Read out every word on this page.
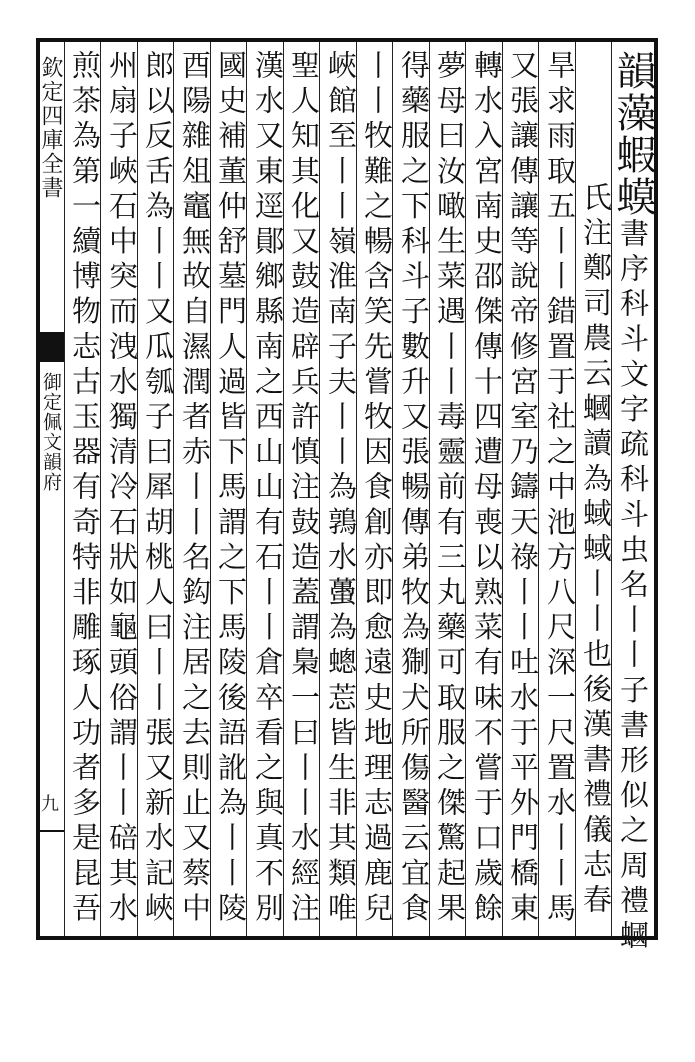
欽定四庫全書
御定佩文韻府
九
韻藻蝦蟆書序科斗文字疏科斗虫名丨丨子書形似之周禮蟈
氏注鄭司農云蟈讀為蜮蜮丨丨也後漢書禮儀志春
旱求雨取五丨丨錯置于社之中池方八尺深一尺置水丨丨馬
又張讓傳讓等說帝修宮室乃鑄天祿丨丨吐水于平外門橋東
轉水入宮南史邵傑傳十四遭母喪以熟菜有味不嘗于口歲餘
夢母曰汝噉生菜遇丨丨毒靈前有三丸藥可取服之傑驚起果
得藥服之下科斗子數升又張暢傳弟牧為猘犬所傷醫云宜食
丨丨牧難之暢含笑先嘗牧因食創亦即愈遠史地理志過鹿兒
峽館至丨丨嶺淮南子夫丨丨為鶉水蠆為蟌莣皆生非其類唯
聖人知其化又鼓造辟兵許慎注鼓造蓋謂梟一曰丨丨水經注
漢水又東逕鄖鄉縣南之西山山有石丨丨倉卒看之與真不別
國史補董仲舒墓門人過皆下馬謂之下馬陵後語訛為丨丨陵
酉陽雜俎竈無故自濕潤者赤丨丨名鈎注居之去則止又蔡中
郎以反舌為丨丨又瓜瓠子曰犀胡桃人曰丨丨張又新水記峽
州扇子峽石中突而洩水獨清冷石狀如龜頭俗謂丨丨碚其水
煎茶為第一續博物志古玉器有奇特非雕琢人功者多是昆吾
